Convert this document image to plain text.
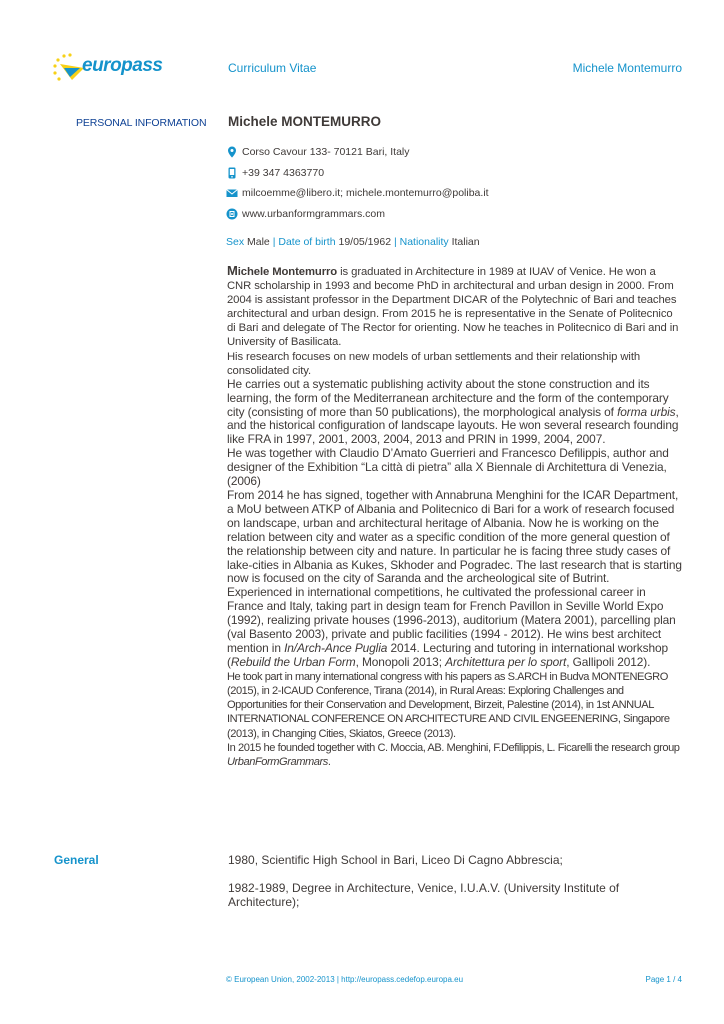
europass	Curriculum Vitae	Michele Montemurro
PERSONAL INFORMATION Michele MONTEMURRO
Corso Cavour 133- 70121 Bari, Italy
+39 347 4363770
milcoemme@libero.it; michele.montemurro@poliba.it
www.urbanformgrammars.com
Sex Male | Date of birth 19/05/1962 | Nationality Italian

Michele Montemurro is graduated in Architecture in 1989 at IUAV of Venice. He won a CNR scholarship in 1993 and become PhD in architectural and urban design in 2000. From 2004 is assistant professor in the Department DICAR of the Polytechnic of Bari and teaches architectural and urban design. From 2015 he is representative in the Senate of Politecnico di Bari and delegate of The Rector for orienting. Now he teaches in Politecnico di Bari and in University of Basilicata.

His research focuses on new models of urban settlements and their relationship with consolidated city.

He carries out a systematic publishing activity about the stone construction and its learning, the form of the Mediterranean architecture and the form of the contemporary city (consisting of more than 50 publications), the morphological analysis of forma urbis, and the historical configuration of landscape layouts. He won several research founding like FRA in 1997, 2001, 2003, 2004, 2013 and PRIN in 1999, 2004, 2007.

He was together with Claudio D’Amato Guerrieri and Francesco Defilippis, author and designer of the Exhibition “La città di pietra” alla X Biennale di Architettura di Venezia, (2006)

From 2014 he has signed, together with Annabruna Menghini for the ICAR Department, a MoU between ATKP of Albania and Politecnico di Bari for a work of research focused on landscape, urban and architectural heritage of Albania. Now he is working on the relation between city and water as a specific condition of the more general question of the relationship between city and nature. In particular he is facing three study cases of lake-cities in Albania as Kukes, Skhoder and Pogradec. The last research that is starting now is focused on the city of Saranda and the archeological site of Butrint.

Experienced in international competitions, he cultivated the professional career in France and Italy, taking part in design team for French Pavillon in Seville World Expo (1992), realizing private houses (1996-2013), auditorium (Matera 2001), parcelling plan (val Basento 2003), private and public facilities (1994 - 2012). He wins best architect mention in In/Arch-Ance Puglia 2014. Lecturing and tutoring in international workshop (Rebuild the Urban Form, Monopoli 2013; Architettura per lo sport, Gallipoli 2012).

He took part in many international congress with his papers as S.ARCH in Budva MONTENEGRO (2015), in 2-ICAUD Conference, Tirana (2014), in Rural Areas: Exploring Challenges and Opportunities for their Conservation and Development, Birzeit, Palestine (2014), in 1st ANNUAL INTERNATIONAL CONFERENCE ON ARCHITECTURE AND CIVIL ENGEENERING, Singapore (2013), in Changing Cities, Skiatos, Greece (2013).

In 2015 he founded together with C. Moccia, AB. Menghini, F.Defilippis, L. Ficarelli the research group UrbanFormGrammars.

General	1980, Scientific High School in Bari, Liceo Di Cagno Abbrescia;
1982-1989, Degree in Architecture, Venice, I.U.A.V. (University Institute of Architecture);
© European Union, 2002-2013 | http://europass.cedefop.europa.eu	Page 1 / 4
